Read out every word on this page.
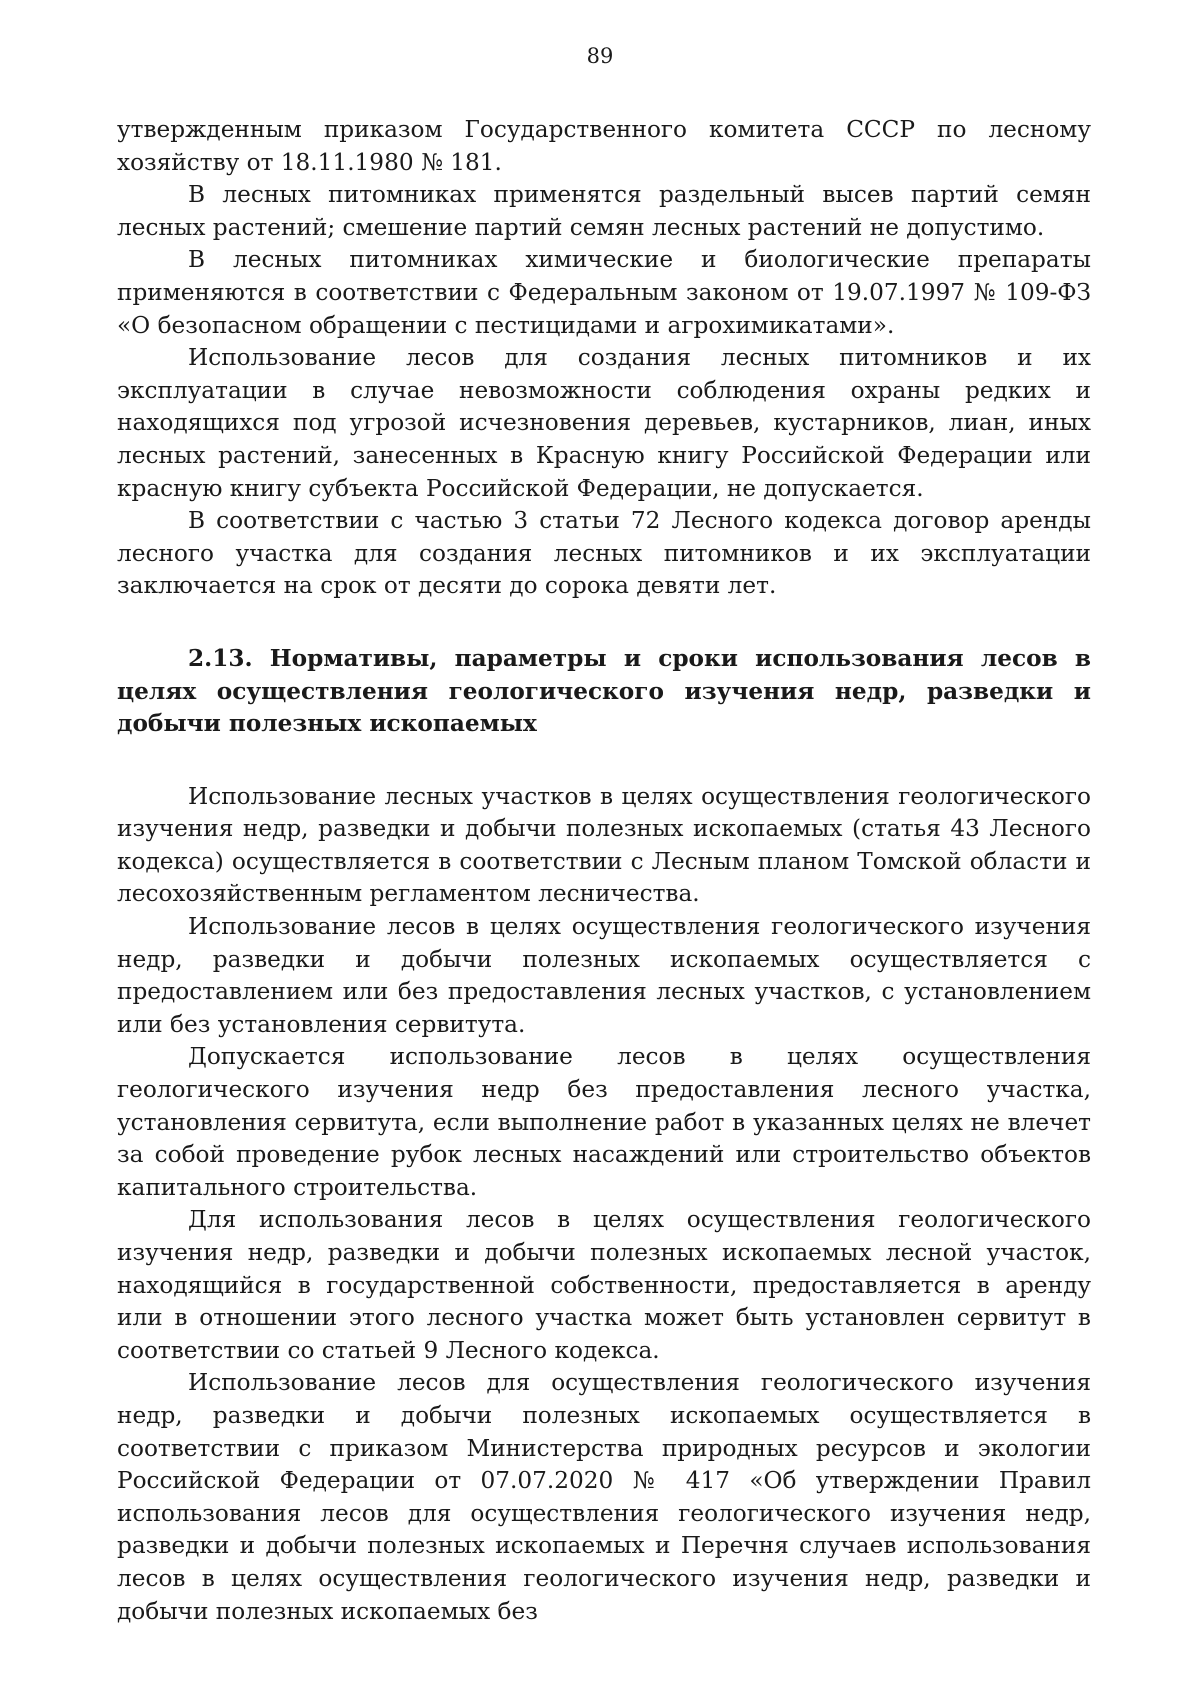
89

утвержденным приказом Государственного комитета СССР по лесному хозяйству от 18.11.1980 № 181.

В лесных питомниках применятся раздельный высев партий семян лесных растений; смешение партий семян лесных растений не допустимо.

В лесных питомниках химические и биологические препараты применяются в соответствии с Федеральным законом от 19.07.1997 № 109-ФЗ «О безопасном обращении с пестицидами и агрохимикатами».

Использование лесов для создания лесных питомников и их эксплуатации в случае невозможности соблюдения охраны редких и находящихся под угрозой исчезновения деревьев, кустарников, лиан, иных лесных растений, занесенных в Красную книгу Российской Федерации или красную книгу субъекта Российской Федерации, не допускается.

В соответствии с частью 3 статьи 72 Лесного кодекса договор аренды лесного участка для создания лесных питомников и их эксплуатации заключается на срок от десяти до сорока девяти лет.

2.13. Нормативы, параметры и сроки использования лесов в целях осуществления геологического изучения недр, разведки и добычи полезных ископаемых

Использование лесных участков в целях осуществления геологического изучения недр, разведки и добычи полезных ископаемых (статья 43 Лесного кодекса) осуществляется в соответствии с Лесным планом Томской области и лесохозяйственным регламентом лесничества.

Использование лесов в целях осуществления геологического изучения недр, разведки и добычи полезных ископаемых осуществляется с предоставлением или без предоставления лесных участков, с установлением или без установления сервитута.

Допускается использование лесов в целях осуществления геологического изучения недр без предоставления лесного участка, установления сервитута, если выполнение работ в указанных целях не влечет за собой проведение рубок лесных насаждений или строительство объектов капитального строительства.

Для использования лесов в целях осуществления геологического изучения недр, разведки и добычи полезных ископаемых лесной участок, находящийся в государственной собственности, предоставляется в аренду или в отношении этого лесного участка может быть установлен сервитут в соответствии со статьей 9 Лесного кодекса.

Использование лесов для осуществления геологического изучения недр, разведки и добычи полезных ископаемых осуществляется в соответствии с приказом Министерства природных ресурсов и экологии Российской Федерации от 07.07.2020 № 417 «Об утверждении Правил использования лесов для осуществления геологического изучения недр, разведки и добычи полезных ископаемых и Перечня случаев использования лесов в целях осуществления геологического изучения недр, разведки и добычи полезных ископаемых без
